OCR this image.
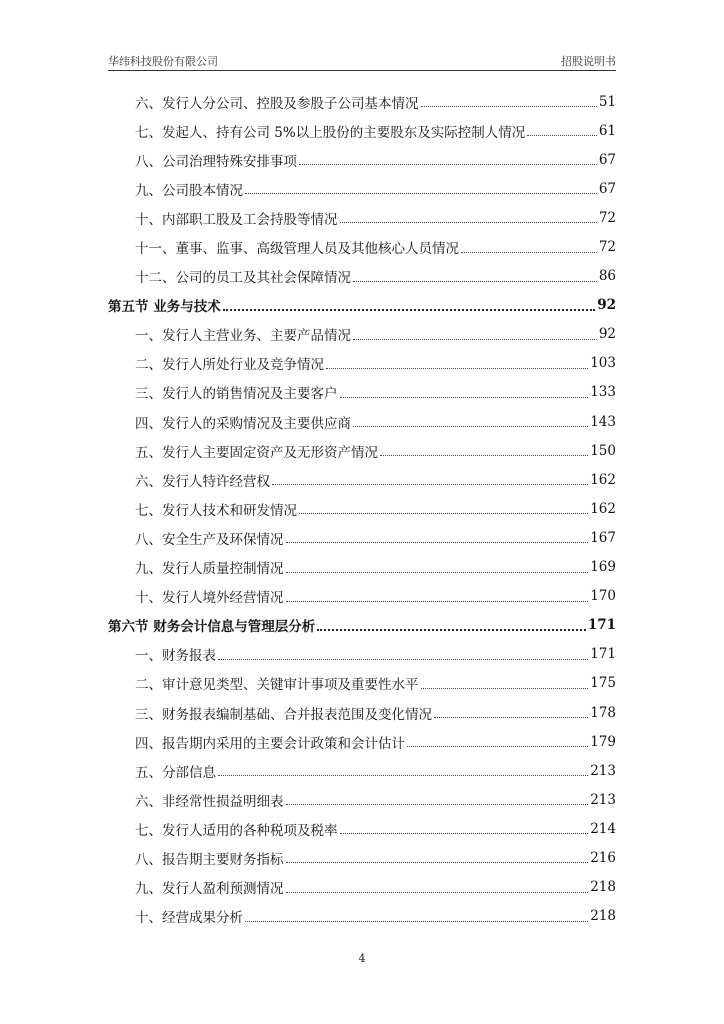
华纬科技股份有限公司	招股说明书
六、发行人分公司、控股及参股子公司基本情况	51
七、发起人、持有公司 5%以上股份的主要股东及实际控制人情况	61
八、公司治理特殊安排事项	67
九、公司股本情况	67
十、内部职工股及工会持股等情况	72
十一、董事、监事、高级管理人员及其他核心人员情况	72
十二、公司的员工及其社会保障情况	86
第五节 业务与技术	92
一、发行人主营业务、主要产品情况	92
二、发行人所处行业及竞争情况	103
三、发行人的销售情况及主要客户	133
四、发行人的采购情况及主要供应商	143
五、发行人主要固定资产及无形资产情况	150
六、发行人特许经营权	162
七、发行人技术和研发情况	162
八、安全生产及环保情况	167
九、发行人质量控制情况	169
十、发行人境外经营情况	170
第六节 财务会计信息与管理层分析	171
一、财务报表	171
二、审计意见类型、关键审计事项及重要性水平	175
三、财务报表编制基础、合并报表范围及变化情况	178
四、报告期内采用的主要会计政策和会计估计	179
五、分部信息	213
六、非经常性损益明细表	213
七、发行人适用的各种税项及税率	214
八、报告期主要财务指标	216
九、发行人盈利预测情况	218
十、经营成果分析	218
4
